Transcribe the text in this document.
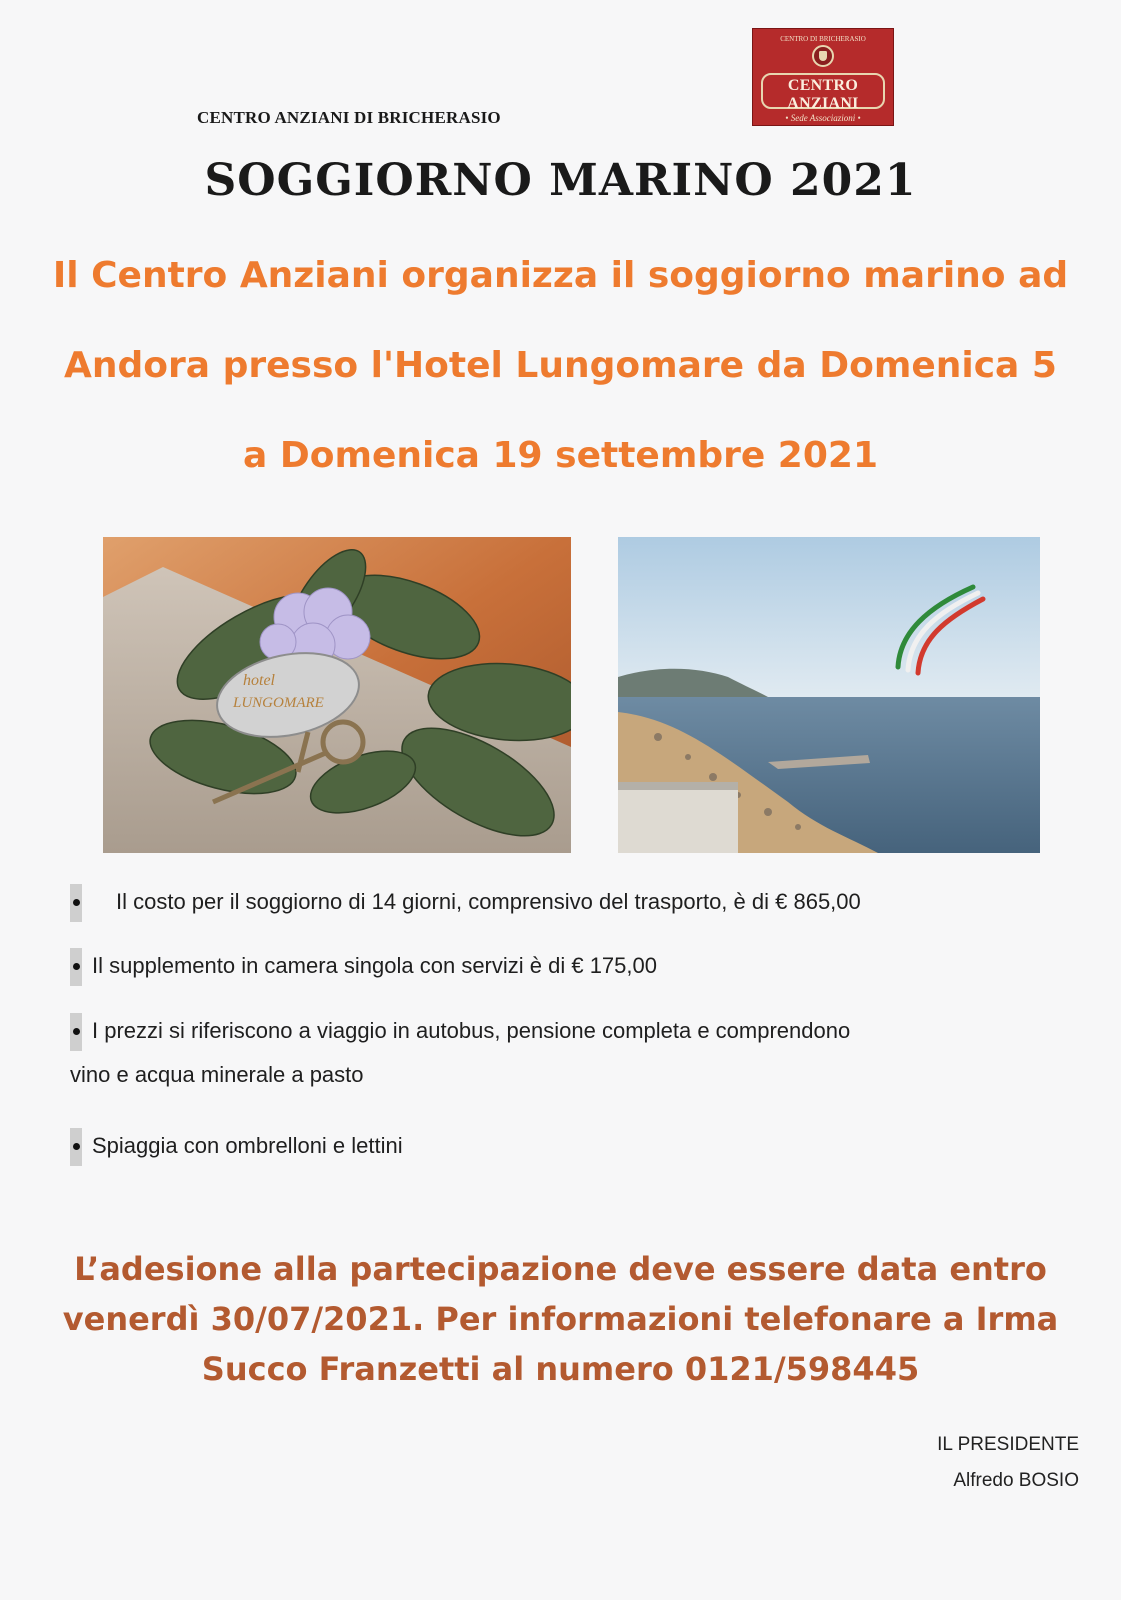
CENTRO ANZIANI DI BRICHERASIO
CENTRO DI BRICHERASIO
CENTRO ANZIANI
• Sede Associazioni •
SOGGIORNO MARINO 2021
Il Centro Anziani organizza il soggiorno marino ad
Andora presso l'Hotel Lungomare da Domenica 5
a Domenica 19 settembre 2021
hotel
LUNGOMARE
Il costo per il soggiorno di 14 giorni, comprensivo del trasporto, è di € 865,00
Il supplemento in camera singola con servizi è di € 175,00
I prezzi si riferiscono a viaggio in autobus, pensione completa e comprendono
vino e acqua minerale a pasto
Spiaggia con ombrelloni e lettini
L’adesione alla partecipazione deve essere data entro
venerdì 30/07/2021. Per informazioni telefonare a Irma
Succo Franzetti al numero 0121/598445
IL PRESIDENTE
Alfredo BOSIO
